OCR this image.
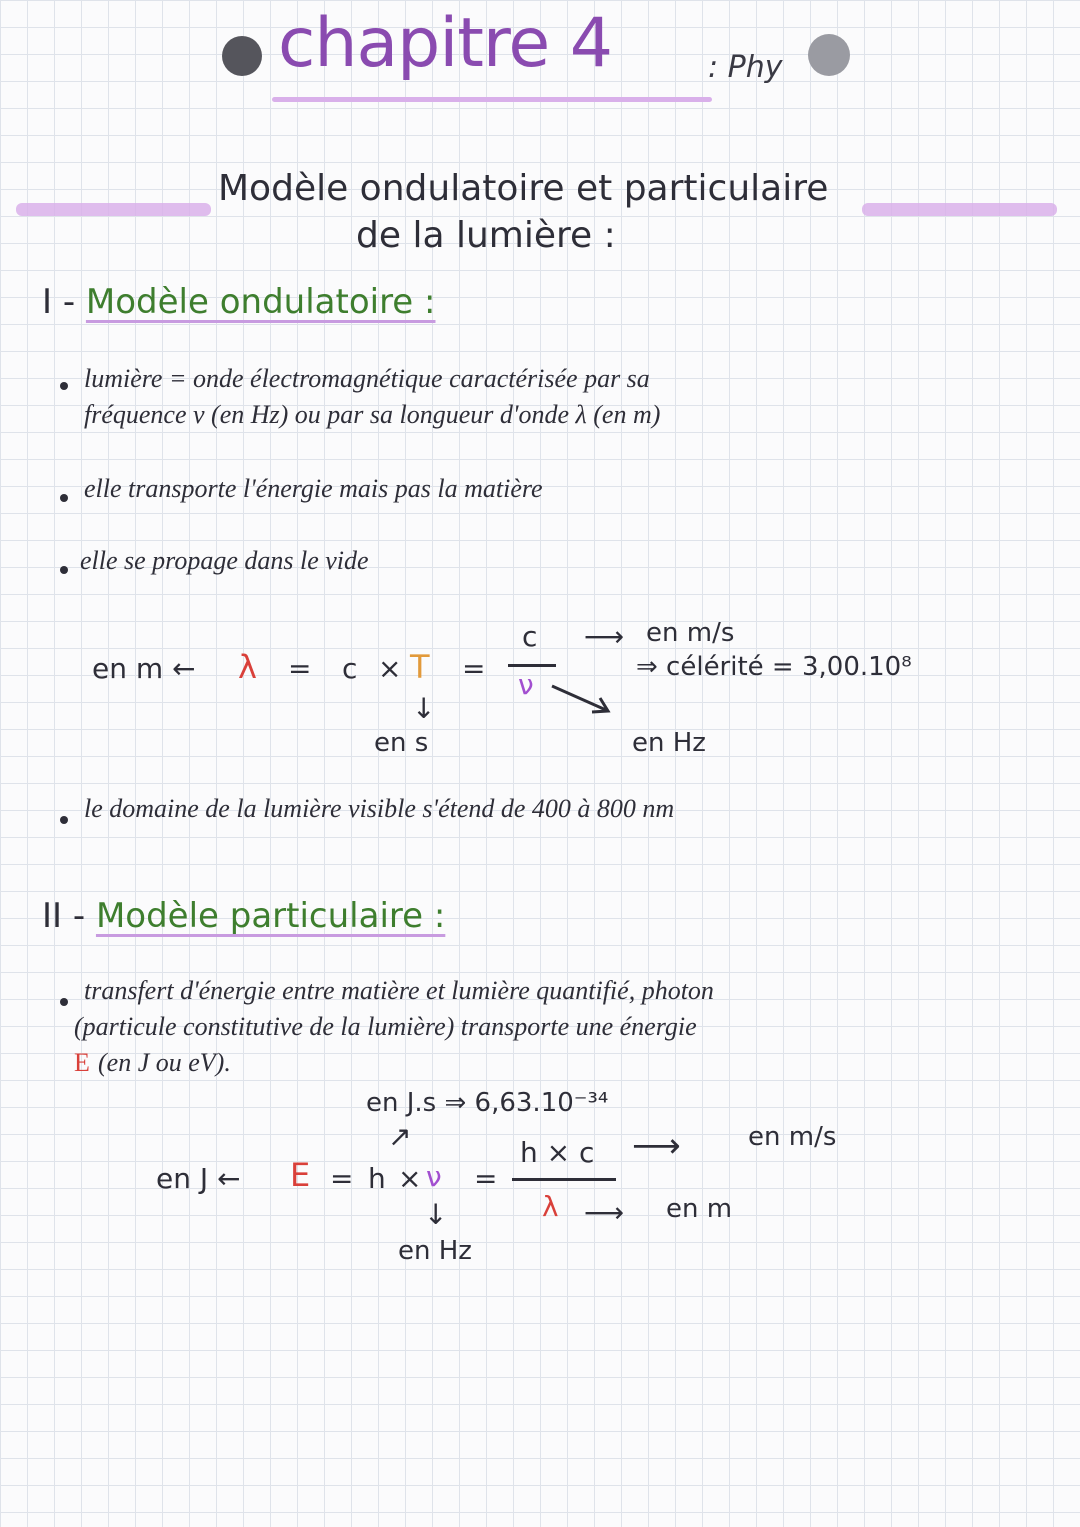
chapitre 4	: Phy
Modèle ondulatoire et particulaire
de la lumière :
I - Modèle ondulatoire :
lumière = onde électromagnétique caractérisée par sa
fréquence ν (en Hz) ou par sa longueur d'onde λ (en m)
elle transporte l'énergie mais pas la matière
elle se propage dans le vide
en m ← λ = c × T =
c
ν
⟶ en m/s
⇒ célérité = 3,00.10⁸
↓
en s	en Hz
le domaine de la lumière visible s'étend de 400 à 800 nm
II - Modèle particulaire :
transfert d'énergie entre matière et lumière quantifié, photon
(particule constitutive de la lumière) transporte une énergie
E (en J ou eV).
en J.s ⇒ 6,63.10⁻³⁴
↗
en J ← E = h × ν =
h × c
λ
⟶	en m/s
⟶ en m
↓
en Hz
